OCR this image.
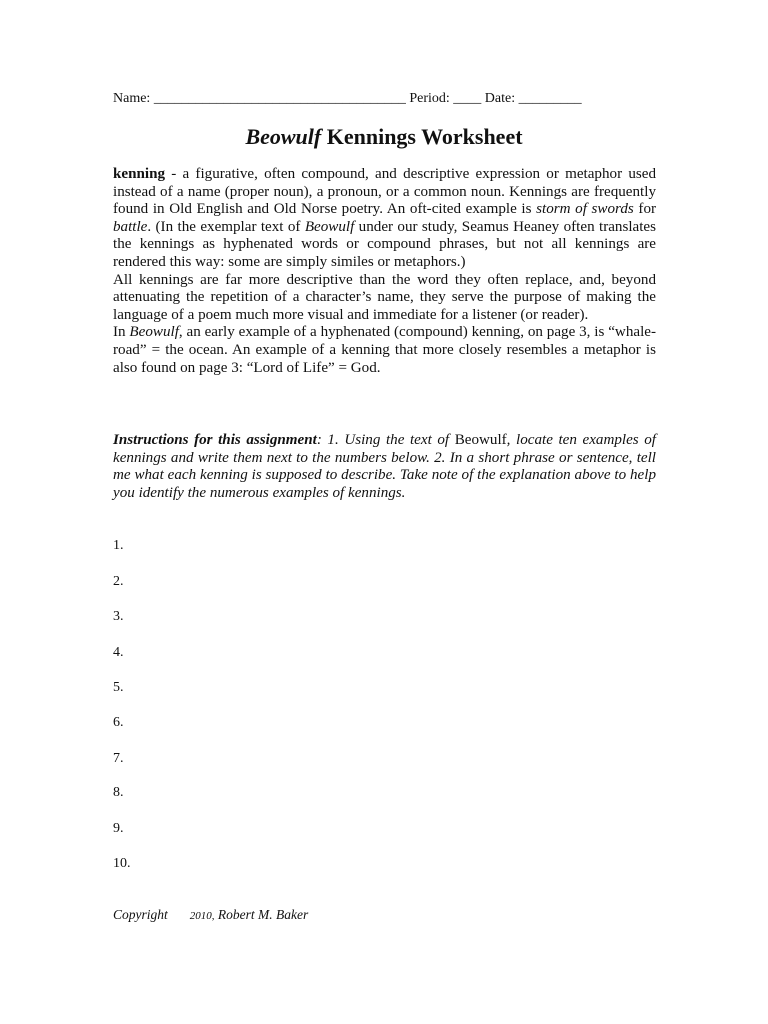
Name: ____________________________________ Period: ____ Date: _________
Beowulf Kennings Worksheet

kenning - a figurative, often compound, and descriptive expression or metaphor used instead of a name (proper noun), a pronoun, or a common noun. Kennings are frequently found in Old English and Old Norse poetry. An oft-cited example is storm of swords for battle. (In the exemplar text of Beowulf under our study, Seamus Heaney often translates the kennings as hyphenated words or compound phrases, but not all kennings are rendered this way: some are simply similes or metaphors.)

All kennings are far more descriptive than the word they often replace, and, beyond attenuating the repetition of a character’s name, they serve the purpose of making the language of a poem much more visual and immediate for a listener (or reader).

In Beowulf, an early example of a hyphenated (compound) kenning, on page 3, is “whale-road” = the ocean. An example of a kenning that more closely resembles a metaphor is also found on page 3: “Lord of Life” = God.

Instructions for this assignment: 1. Using the text of Beowulf, locate ten examples of kennings and write them next to the numbers below. 2. In a short phrase or sentence, tell me what each kenning is supposed to describe. Take note of the explanation above to help you identify the numerous examples of kennings.
1.
2.
3.
4.
5.
6.
7.
8.
9.
10.
Copyright 2010, Robert M. Baker
